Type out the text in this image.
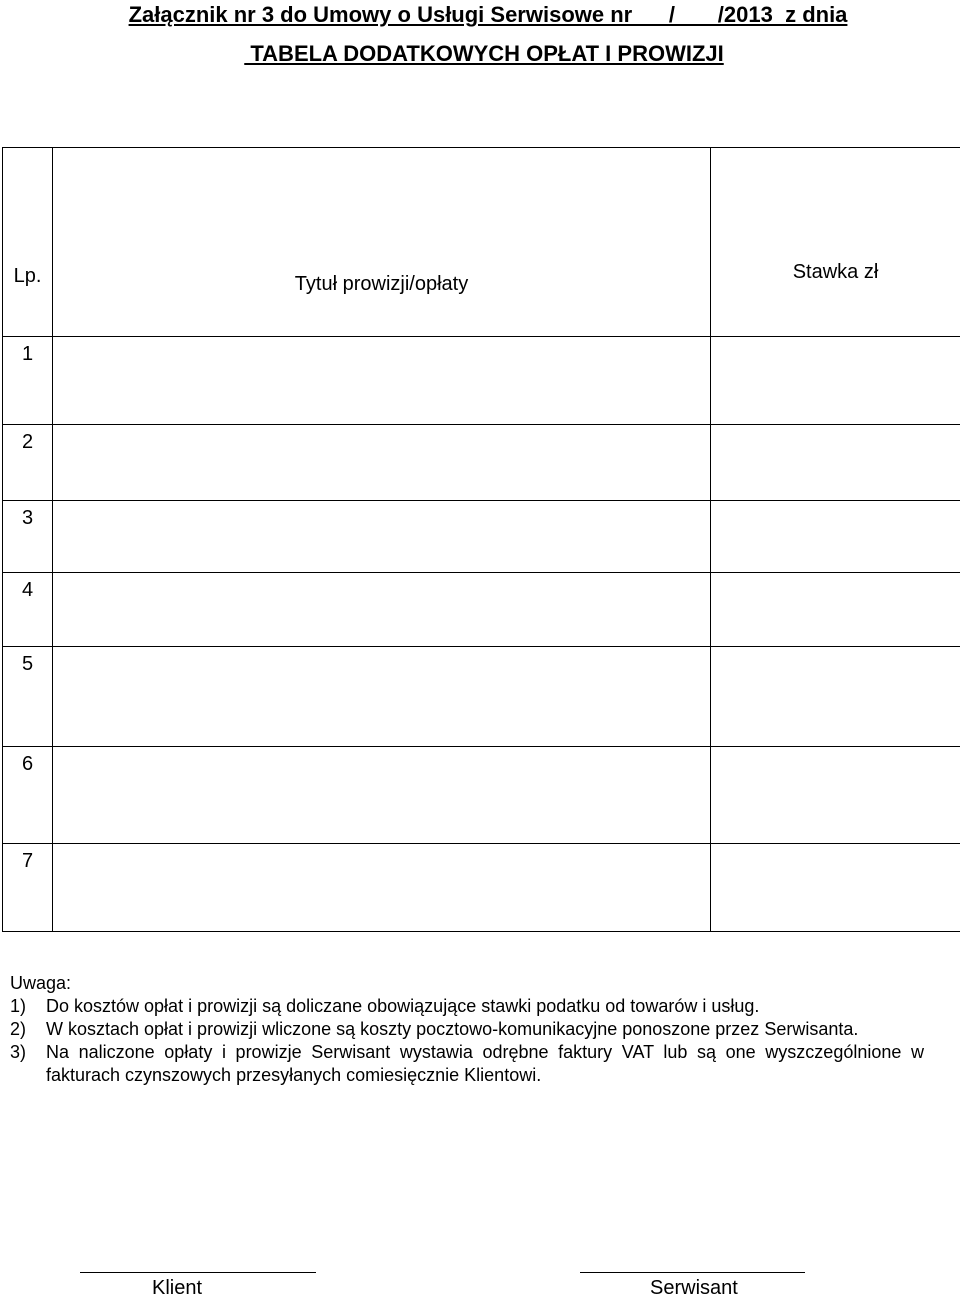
Załącznik nr 3 do Umowy o Usługi Serwisowe nr      /       /2013  z dnia
TABELA DODATKOWYCH OPŁAT I PROWIZJI
Lp.	Tytuł prowizji/opłaty	Stawka zł

1		

2		

3		

4		

5		

6		

7		

Uwaga:
1)	Do kosztów opłat i prowizji są doliczane obowiązujące stawki podatku od towarów i usług.
2)	W kosztach opłat i prowizji wliczone są koszty pocztowo-komunikacyjne ponoszone przez Serwisanta.
3)	Na naliczone opłaty i prowizje Serwisant wystawia odrębne faktury VAT lub są one wyszczególnione w fakturach czynszowych przesyłanych comiesięcznie Klientowi.
Klient	Serwisant
